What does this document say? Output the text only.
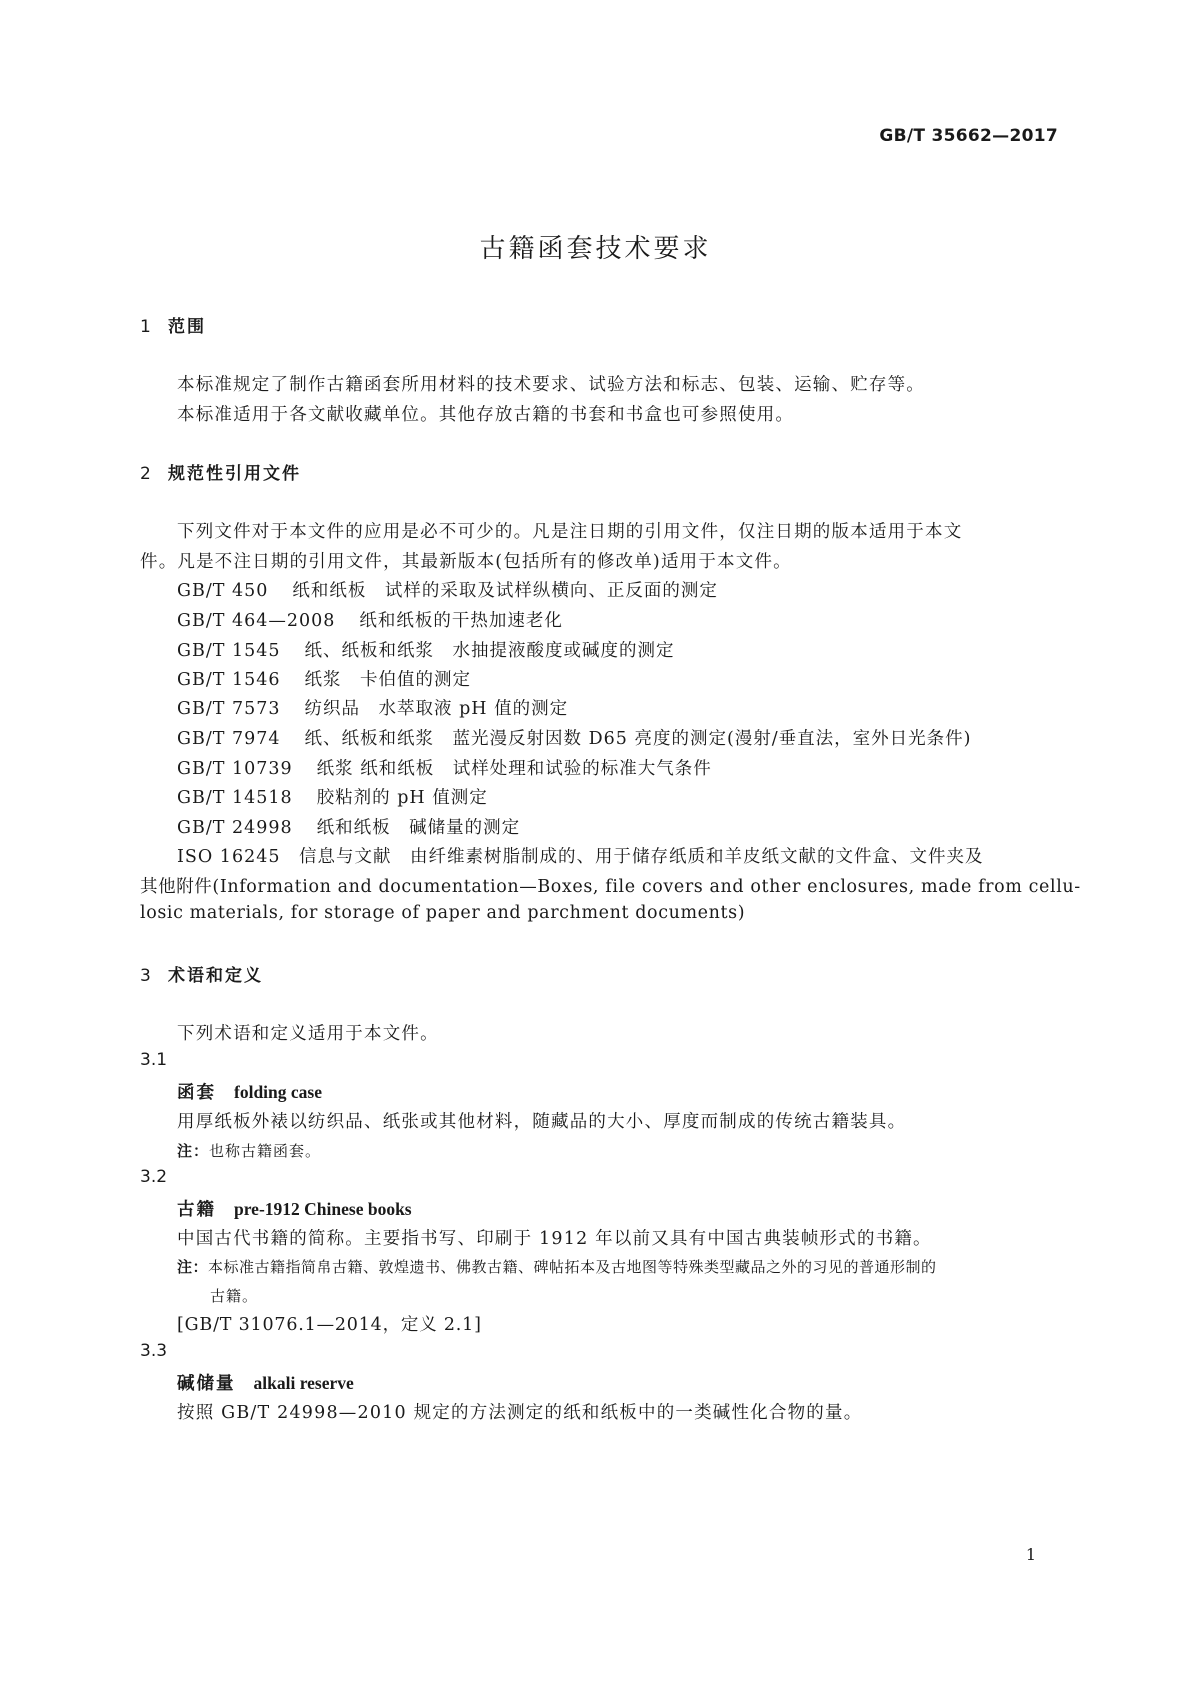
GB/T 35662—2017
古籍函套技术要求
1 范围
本标准规定了制作古籍函套所用材料的技术要求、试验方法和标志、包装、运输、贮存等。
本标准适用于各文献收藏单位。其他存放古籍的书套和书盒也可参照使用。
2 规范性引用文件
下列文件对于本文件的应用是必不可少的。凡是注日期的引用文件，仅注日期的版本适用于本文
件。凡是不注日期的引用文件，其最新版本(包括所有的修改单)适用于本文件。
GB/T 450 纸和纸板　试样的采取及试样纵横向、正反面的测定
GB/T 464—2008 纸和纸板的干热加速老化
GB/T 1545 纸、纸板和纸浆　水抽提液酸度或碱度的测定
GB/T 1546 纸浆　卡伯值的测定
GB/T 7573 纺织品　水萃取液 pH 值的测定
GB/T 7974 纸、纸板和纸浆　蓝光漫反射因数 D65 亮度的测定(漫射/垂直法，室外日光条件)
GB/T 10739 纸浆 纸和纸板　试样处理和试验的标准大气条件
GB/T 14518 胶粘剂的 pH 值测定
GB/T 24998 纸和纸板　碱储量的测定
ISO 16245　信息与文献　由纤维素树脂制成的、用于储存纸质和羊皮纸文献的文件盒、文件夹及
其他附件(Information and documentation—Boxes, file covers and other enclosures, made from cellu-
losic materials, for storage of paper and parchment documents)
3 术语和定义
下列术语和定义适用于本文件。
3.1
函套 folding case
用厚纸板外裱以纺织品、纸张或其他材料，随藏品的大小、厚度而制成的传统古籍装具。
注：也称古籍函套。
3.2
古籍 pre-1912 Chinese books
中国古代书籍的简称。主要指书写、印刷于 1912 年以前又具有中国古典装帧形式的书籍。
注：本标准古籍指简帛古籍、敦煌遗书、佛教古籍、碑帖拓本及古地图等特殊类型藏品之外的习见的普通形制的
古籍。
[GB/T 31076.1—2014，定义 2.1]
3.3
碱储量 alkali reserve
按照 GB/T 24998—2010 规定的方法测定的纸和纸板中的一类碱性化合物的量。
1
